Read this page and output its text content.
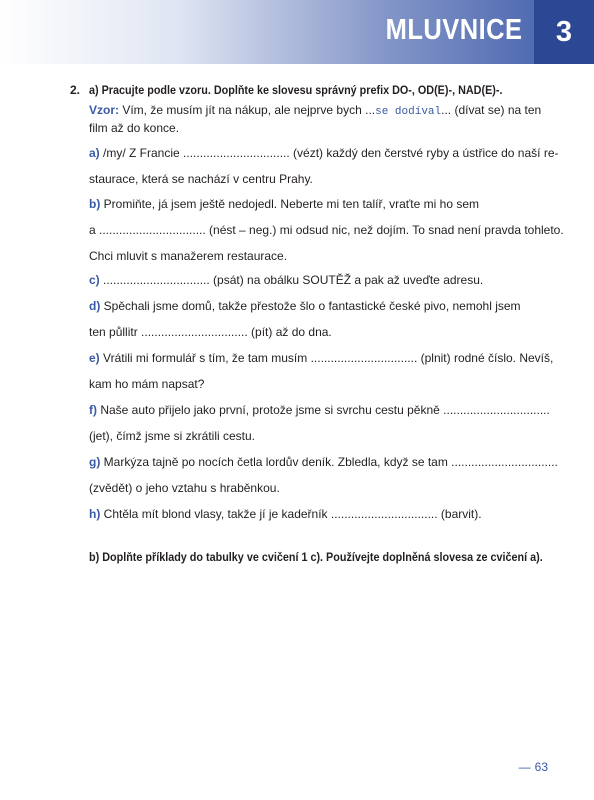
MLUVNICE 3
2. a) Pracujte podle vzoru. Doplňte ke slovesu správný prefix DO-, OD(E)-, NAD(E)-.
Vzor: Vím, že musím jít na nákup, ale nejprve bych ...se dodíval... (dívat se) na ten
film až do konce.
a) /my/ Z Francie ................................ (vézt) každý den čerstvé ryby a ústřice do naší re-
staurace, která se nachází v centru Prahy.
b) Promiňte, já jsem ještě nedojedl. Neberte mi ten talíř, vraťte mi ho sem
a ................................ (nést – neg.) mi odsud nic, než dojím. To snad není pravda tohleto.
Chci mluvit s manažerem restaurace.
c) ................................ (psát) na obálku SOUTĚŽ a pak až uveďte adresu.
d) Spěchali jsme domů, takže přestože šlo o fantastické české pivo, nemohl jsem
ten půllitr ................................ (pít) až do dna.
e) Vrátili mi formulář s tím, že tam musím ................................ (plnit) rodné číslo. Nevíš,
kam ho mám napsat?
f) Naše auto přijelo jako první, protože jsme si svrchu cestu pěkně ................................
(jet), čímž jsme si zkrátili cestu.
g) Markýza tajně po nocích četla lordův deník. Zbledla, když se tam ................................
(zvědět) o jeho vztahu s hraběnkou.
h) Chtěla mít blond vlasy, takže jí je kadeřník ................................ (barvit).
b) Doplňte příklady do tabulky ve cvičení 1 c). Používejte doplněná slovesa ze cvičení a).
— 63
